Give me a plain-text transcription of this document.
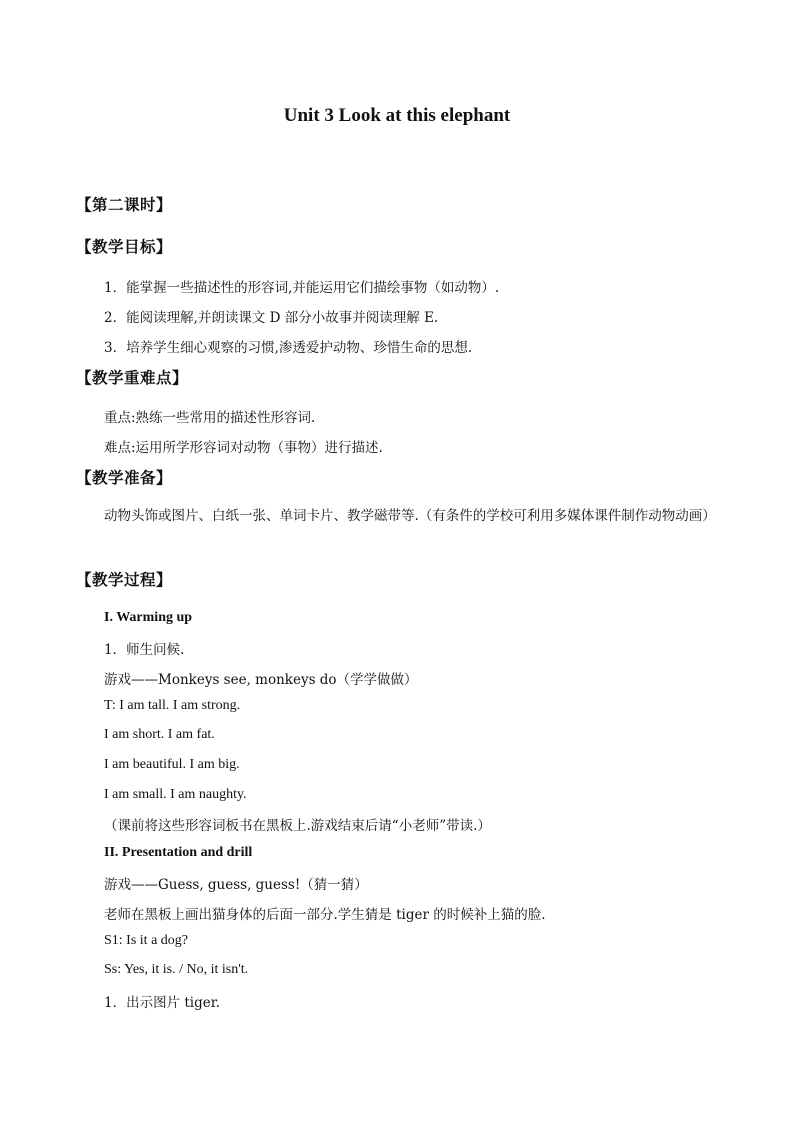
Unit 3 Look at this elephant
【第二课时】
【教学目标】
1．能掌握一些描述性的形容词,并能运用它们描绘事物（如动物）.
2．能阅读理解,并朗读课文 D 部分小故事并阅读理解 E.
3．培养学生细心观察的习惯,渗透爱护动物、珍惜生命的思想.
【教学重难点】
重点:熟练一些常用的描述性形容词.
难点:运用所学形容词对动物（事物）进行描述.
【教学准备】
动物头饰或图片、白纸一张、单词卡片、教学磁带等.（有条件的学校可利用多媒体课件制作动物动画）
【教学过程】
I. Warming up
1．师生问候.
游戏——Monkeys see, monkeys do（学学做做）
T: I am tall. I am strong.
I am short. I am fat.
I am beautiful. I am big.
I am small. I am naughty.
（课前将这些形容词板书在黑板上.游戏结束后请“小老师”带读.）
II. Presentation and drill
游戏——Guess, guess, guess!（猜一猜）
老师在黑板上画出猫身体的后面一部分.学生猜是 tiger 的时候补上猫的脸.
S1: Is it a dog?
Ss: Yes, it is. / No, it isn't.
1．出示图片 tiger.
